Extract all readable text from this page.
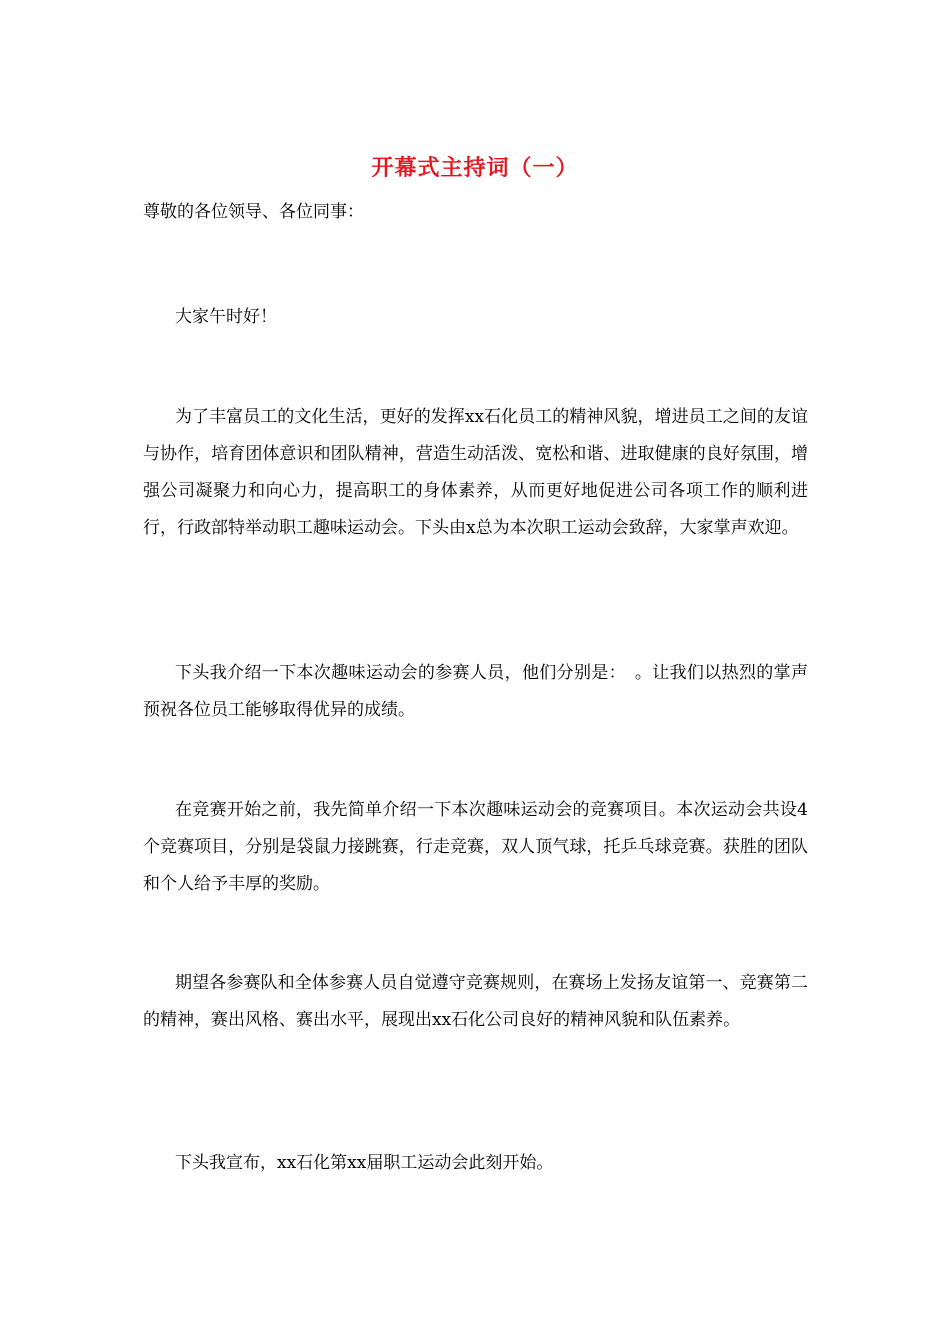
开幕式主持词（一）
尊敬的各位领导、各位同事：

大家午时好！

为了丰富员工的文化生活，更好的发挥xx石化员工的精神风貌，增进员工之间的友谊与协作，培育团体意识和团队精神，营造生动活泼、宽松和谐、进取健康的良好氛围，增强公司凝聚力和向心力，提高职工的身体素养，从而更好地促进公司各项工作的顺利进行，行政部特举动职工趣味运动会。下头由x总为本次职工运动会致辞，大家掌声欢迎。

下头我介绍一下本次趣味运动会的参赛人员，他们分别是：　。让我们以热烈的掌声预祝各位员工能够取得优异的成绩。

在竞赛开始之前，我先简单介绍一下本次趣味运动会的竞赛项目。本次运动会共设4个竞赛项目，分别是袋鼠力接跳赛，行走竞赛，双人顶气球，托乒乓球竞赛。获胜的团队和个人给予丰厚的奖励。

期望各参赛队和全体参赛人员自觉遵守竞赛规则，在赛场上发扬友谊第一、竞赛第二的精神，赛出风格、赛出水平，展现出xx石化公司良好的精神风貌和队伍素养。

下头我宣布，xx石化第xx届职工运动会此刻开始。
